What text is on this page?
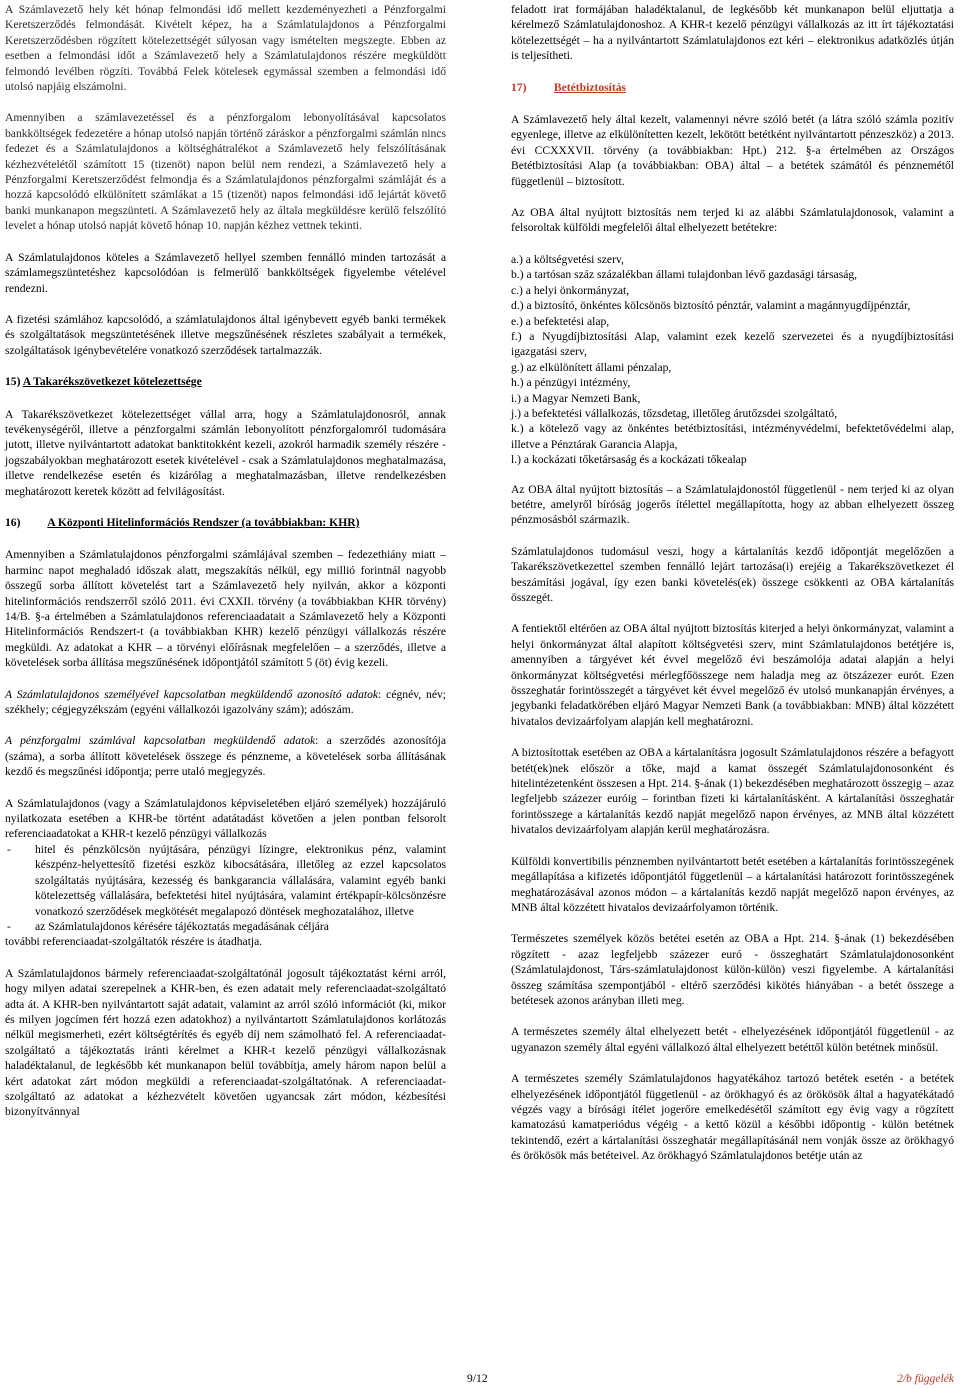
A Számlavezető hely két hónap felmondási idő mellett kezdeményezheti a Pénzforgalmi Keretszerződés felmondását. Kivételt képez, ha a Számlatulajdonos a Pénzforgalmi Keretszerződésben rögzített kötelezettségét súlyosan vagy ismételten megszegte. Ebben az esetben a felmondási időt a Számlavezető hely a Számlatulajdonos részére megküldött felmondó levélben rögzíti. Továbbá Felek kötelesek egymással szemben a felmondási idő utolsó napjáig elszámolni.

Amennyiben a számlavezetéssel és a pénzforgalom lebonyolításával kapcsolatos bankköltségek fedezetére a hónap utolsó napján történő záráskor a pénzforgalmi számlán nincs fedezet és a Számlatulajdonos a költséghátralékot a Számlavezető hely felszólításának kézhezvételétől számított 15 (tizenöt) napon belül nem rendezi, a Számlavezető hely a Pénzforgalmi Keretszerződést felmondja és a Számlatulajdonos pénzforgalmi számláját és a hozzá kapcsolódó elkülönített számlákat a 15 (tizenöt) napos felmondási idő lejártát követő banki munkanapon megszünteti. A Számlavezető hely az általa megküldésre kerülő felszólító levelet a hónap utolsó napját követő hónap 10. napján kézhez vettnek tekinti.

A Számlatulajdonos köteles a Számlavezető hellyel szemben fennálló minden tartozását a számlamegszüntetéshez kapcsolódóan is felmerülő bankköltségek figyelembe vételével rendezni.

A fizetési számlához kapcsolódó, a számlatulajdonos által igénybevett egyéb banki termékek és szolgáltatások megszüntetésének illetve megszűnésének részletes szabályait a termékek, szolgáltatások igénybevételére vonatkozó szerződések tartalmazzák.

15) A Takarékszövetkezet kötelezettsége

A Takarékszövetkezet kötelezettséget vállal arra, hogy a Számlatulajdonosról, annak tevékenységéről, illetve a pénzforgalmi számlán lebonyolított pénzforgalomról tudomására jutott, illetve nyilvántartott adatokat banktitokként kezeli, azokról harmadik személy részére - jogszabályokban meghatározott esetek kivételével - csak a Számlatulajdonos meghatalmazása, illetve rendelkezése esetén és kizárólag a meghatalmazásban, illetve rendelkezésben meghatározott keretek között ad felvilágosítást.

16) A Központi Hitelinformációs Rendszer (a továbbiakban: KHR)

Amennyiben a Számlatulajdonos pénzforgalmi számlájával szemben – fedezethiány miatt – harminc napot meghaladó időszak alatt, megszakítás nélkül, egy millió forintnál nagyobb összegű sorba állított követelést tart a Számlavezető hely nyilván, akkor a központi hitelinformációs rendszerről szóló 2011. évi CXXII. törvény (a továbbiakban KHR törvény) 14/B. §-a értelmében a Számlatulajdonos referenciaadatait a Számlavezető hely a Központi Hitelinformációs Rendszert-t (a továbbiakban KHR) kezelő pénzügyi vállalkozás részére megküldi. Az adatokat a KHR – a törvényi előírásnak megfelelően – a szerződés, illetve a követelések sorba állítása megszűnésének időpontjától számított 5 (öt) évig kezeli.

A Számlatulajdonos személyével kapcsolatban megküldendő azonosító adatok: cégnév, név; székhely; cégjegyzékszám (egyéni vállalkozói igazolvány szám); adószám.

A pénzforgalmi számlával kapcsolatban megküldendő adatok: a szerződés azonosítója (száma), a sorba állított követelések összege és pénzneme, a követelések sorba állításának kezdő és megszűnési időpontja; perre utaló megjegyzés.

A Számlatulajdonos (vagy a Számlatulajdonos képviseletében eljáró személyek) hozzájáruló nyilatkozata esetében a KHR-be történt adatátadást követően a jelen pontban felsorolt referenciaadatokat a KHR-t kezelő pénzügyi vállalkozás

- hitel és pénzkölcsön nyújtására, pénzügyi lízingre, elektronikus pénz, valamint készpénz-helyettesítő fizetési eszköz kibocsátására, illetőleg az ezzel kapcsolatos szolgáltatás nyújtására, kezesség és bankgarancia vállalására, valamint egyéb banki kötelezettség vállalására, befektetési hitel nyújtására, valamint értékpapír-kölcsönzésre vonatkozó szerződések megkötését megalapozó döntések meghozatalához, illetve
- az Számlatulajdonos kérésére tájékoztatás megadásának céljára

további referenciaadat-szolgáltatók részére is átadhatja.

A Számlatulajdonos bármely referenciaadat-szolgáltatónál jogosult tájékoztatást kérni arról, hogy milyen adatai szerepelnek a KHR-ben, és ezen adatait mely referenciaadat-szolgáltató adta át. A KHR-ben nyilvántartott saját adatait, valamint az arról szóló információt (ki, mikor és milyen jogcímen fért hozzá ezen adatokhoz) a nyilvántartott Számlatulajdonos korlátozás nélkül megismerheti, ezért költségtérítés és egyéb díj nem számolható fel. A referenciaadat-szolgáltató a tájékoztatás iránti kérelmet a KHR-t kezelő pénzügyi vállalkozásnak haladéktalanul, de legkésőbb két munkanapon belül továbbítja, amely három napon belül a kért adatokat zárt módon megküldi a referenciaadat-szolgáltatónak. A referenciaadat-szolgáltató az adatokat a kézhezvételt követően ugyancsak zárt módon, kézbesítési bizonyítvánnyal

feladott irat formájában haladéktalanul, de legkésőbb két munkanapon belül eljuttatja a kérelmező Számlatulajdonoshoz. A KHR-t kezelő pénzügyi vállalkozás az itt írt tájékoztatási kötelezettségét – ha a nyilvántartott Számlatulajdonos ezt kéri – elektronikus adatközlés útján is teljesítheti.

17) Betétbiztosítás

A Számlavezető hely által kezelt, valamennyi névre szóló betét (a látra szóló számla pozitív egyenlege, illetve az elkülönítetten kezelt, lekötött betétként nyilvántartott pénzeszköz) a 2013. évi CCXXXVII. törvény (a továbbiakban: Hpt.) 212. §-a értelmében az Országos Betétbiztosítási Alap (a továbbiakban: OBA) által – a betétek számától és pénznemétől függetlenül – biztosított.

Az OBA által nyújtott biztosítás nem terjed ki az alábbi Számlatulajdonosok, valamint a felsoroltak külföldi megfelelői által elhelyezett betétekre:

a.) a költségvetési szerv,
b.) a tartósan száz százalékban állami tulajdonban lévő gazdasági társaság,
c.) a helyi önkormányzat,
d.) a biztosító, önkéntes kölcsönös biztosító pénztár, valamint a magánnyugdíjpénztár,
e.) a befektetési alap,
f.) a Nyugdíjbiztosítási Alap, valamint ezek kezelő szervezetei és a nyugdíjbiztosítási igazgatási szerv,
g.) az elkülönített állami pénzalap,
h.) a pénzügyi intézmény,
i.) a Magyar Nemzeti Bank,
j.) a befektetési vállalkozás, tőzsdetag, illetőleg árutőzsdei szolgáltató,
k.) a kötelező vagy az önkéntes betétbiztosítási, intézményvédelmi, befektetővédelmi alap, illetve a Pénztárak Garancia Alapja,
l.) a kockázati tőketársaság és a kockázati tőkealap

Az OBA által nyújtott biztosítás – a Számlatulajdonostól függetlenül - nem terjed ki az olyan betétre, amelyről bíróság jogerős ítélettel megállapította, hogy az abban elhelyezett összeg pénzmosásból származik.

Számlatulajdonos tudomásul veszi, hogy a kártalanítás kezdő időpontját megelőzően a Takarékszövetkezettel szemben fennálló lejárt tartozása(i) erejéig a Takarékszövetkezet él beszámítási jogával, így ezen banki követelés(ek) összege csökkenti az OBA kártalanítás összegét.

A fentiektől eltérően az OBA által nyújtott biztosítás kiterjed a helyi önkormányzat, valamint a helyi önkormányzat által alapított költségvetési szerv, mint Számlatulajdonos betétjére is, amennyiben a tárgyévet két évvel megelőző évi beszámolója adatai alapján a helyi önkormányzat költségvetési mérlegfőösszege nem haladja meg az ötszázezer eurót. Ezen összeghatár forintösszegét a tárgyévet két évvel megelőző év utolsó munkanapján érvényes, a jegybanki feladatkörében eljáró Magyar Nemzeti Bank (a továbbiakban: MNB) által közzétett hivatalos devizaárfolyam alapján kell meghatározni.

A biztosítottak esetében az OBA a kártalanításra jogosult Számlatulajdonos részére a befagyott betét(ek)nek először a tőke, majd a kamat összegét Számlatulajdonosonként és hitelintézetenként összesen a Hpt. 214. §-ának (1) bekezdésében meghatározott összegig – azaz legfeljebb százezer euróig – forintban fizeti ki kártalanításként. A kártalanítási összeghatár forintösszege a kártalanítás kezdő napját megelőző napon érvényes, az MNB által közzétett hivatalos devizaárfolyam alapján kerül meghatározásra.

Külföldi konvertibilis pénznemben nyilvántartott betét esetében a kártalanítás forintösszegének megállapítása a kifizetés időpontjától függetlenül – a kártalanítási határozott forintösszegének meghatározásával azonos módon – a kártalanítás kezdő napját megelőző napon érvényes, az MNB által közzétett hivatalos devizaárfolyamon történik.

Természetes személyek közös betétei esetén az OBA a Hpt. 214. §-ának (1) bekezdésében rögzített - azaz legfeljebb százezer euró - összeghatárt Számlatulajdonosonként (Számlatulajdonost, Társ-számlatulajdonost külön-külön) veszi figyelembe. A kártalanítási összeg számítása szempontjából - eltérő szerződési kikötés hiányában - a betét összege a betétesek azonos arányban illeti meg.

A természetes személy által elhelyezett betét - elhelyezésének időpontjától függetlenül - az ugyanazon személy által egyéni vállalkozó által elhelyezett betéttől külön betétnek minősül.

A természetes személy Számlatulajdonos hagyatékához tartozó betétek esetén - a betétek elhelyezésének időpontjától függetlenül - az örökhagyó és az örökösök által a hagyatékátadó végzés vagy a bírósági ítélet jogerőre emelkedésétől számított egy évig vagy a rögzített kamatozású kamatperiódus végéig - a kettő közül a későbbi időpontig - külön betétnek tekintendő, ezért a kártalanítási összeghatár megállapításánál nem vonják össze az örökhagyó és örökösök más betéteivel. Az örökhagyó Számlatulajdonos betétje után az

9/12	2/b függelék
